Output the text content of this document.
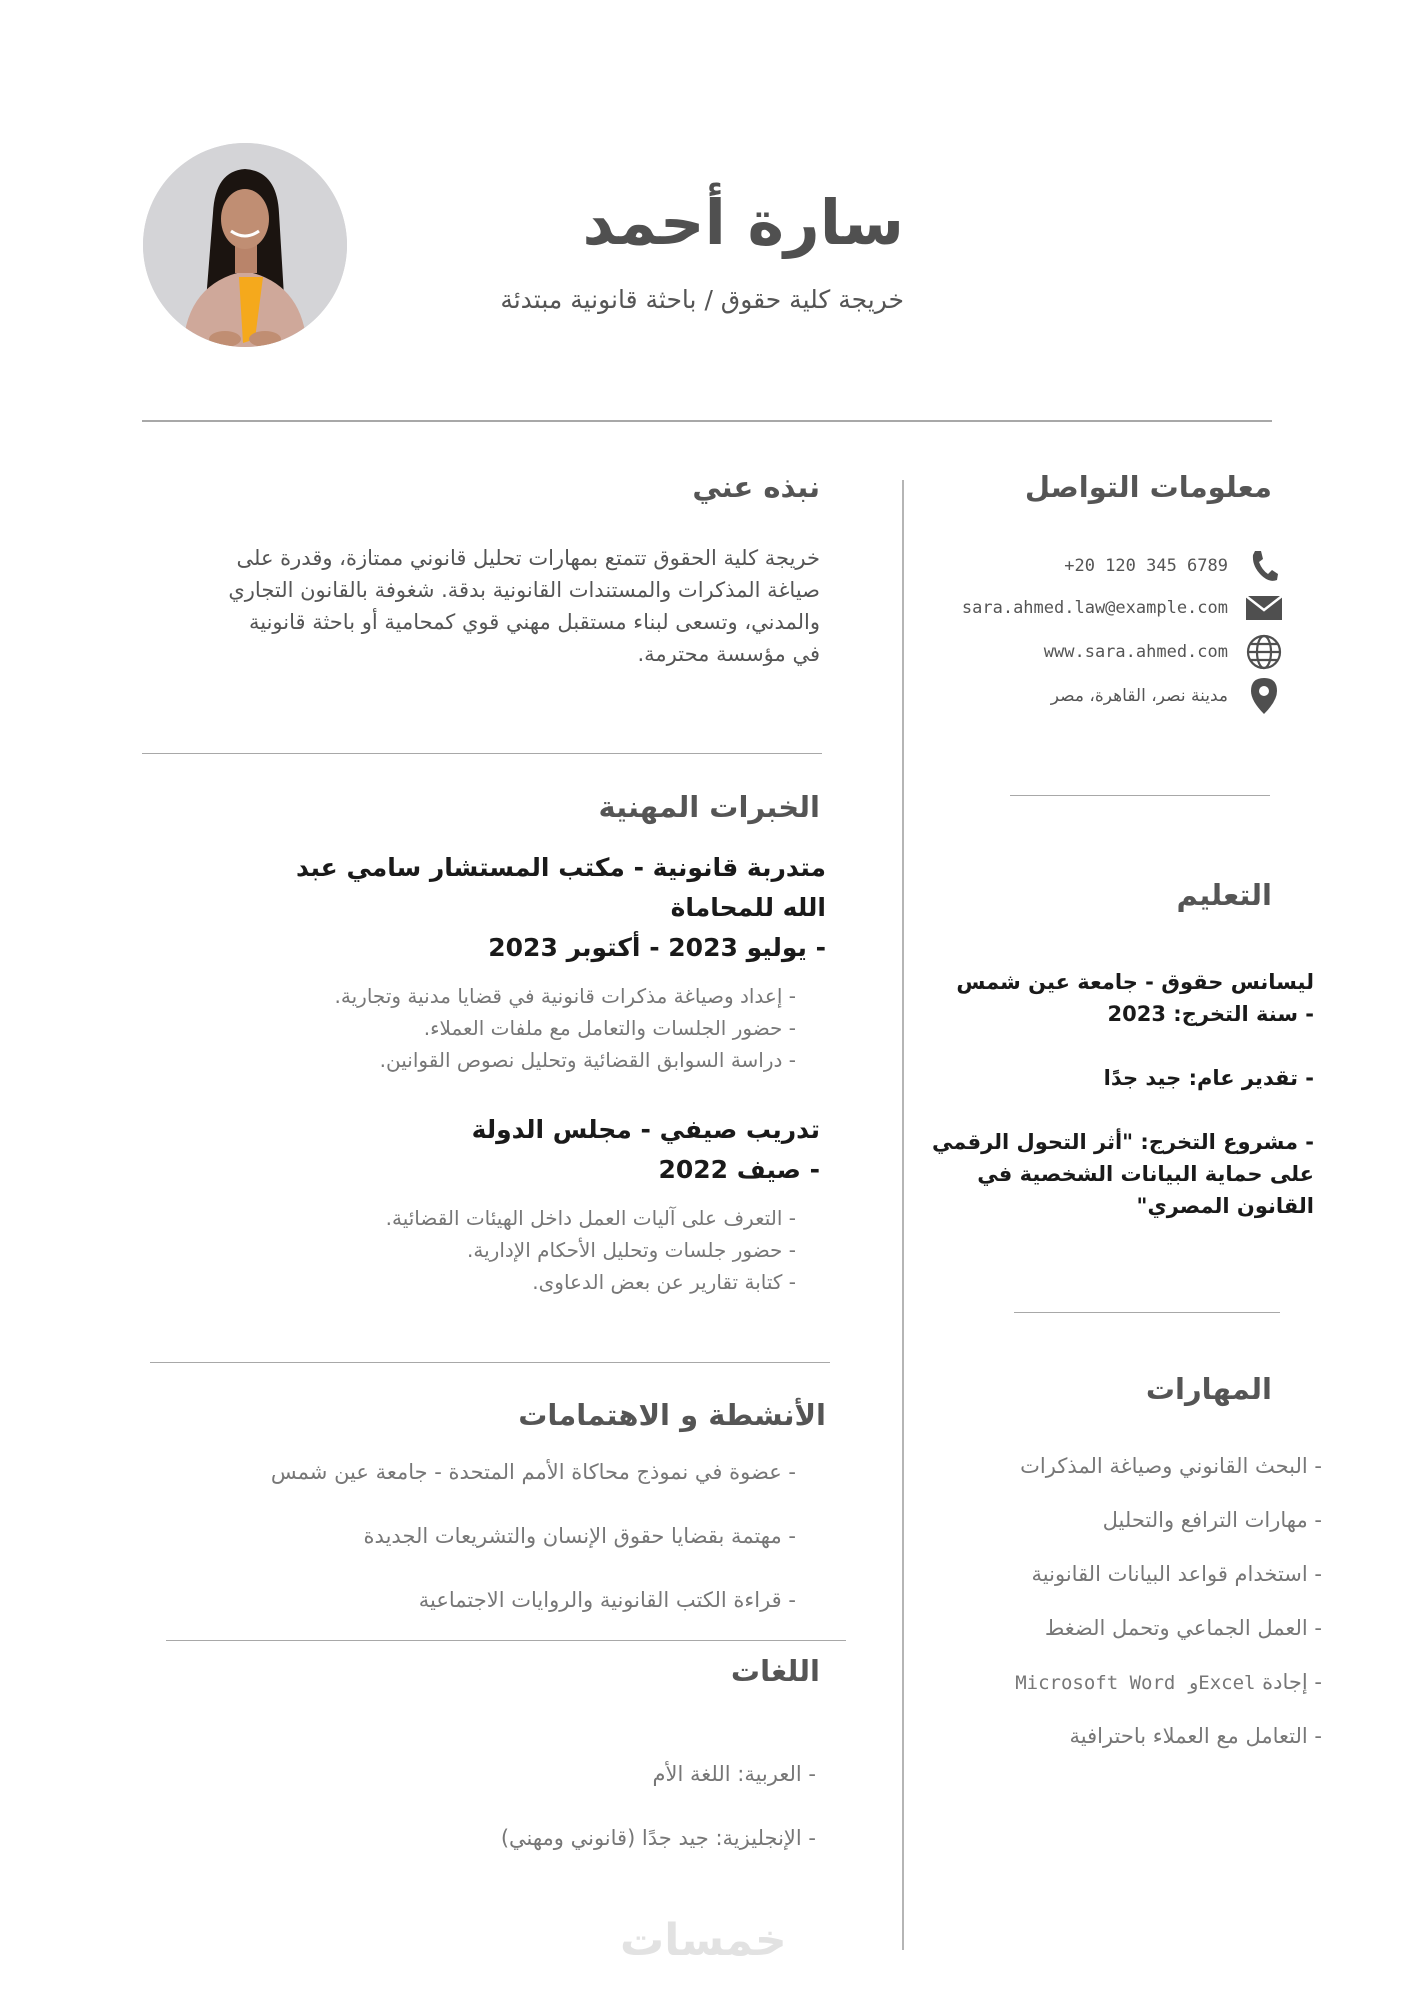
سارة أحمد
خريجة كلية حقوق / باحثة قانونية مبتدئة
معلومات التواصل
+20 120 345 6789
sara.ahmed.law@example.com
www.sara.ahmed.com
مدينة نصر، القاهرة، مصر
التعليم
ليسانس حقوق - جامعة عين شمس
- سنة التخرج: 2023
- تقدير عام: جيد جدًا
- مشروع التخرج: "أثر التحول الرقمي
على حماية البيانات الشخصية في
القانون المصري"
المهارات
- البحث القانوني وصياغة المذكرات
- مهارات الترافع والتحليل
- استخدام قواعد البيانات القانونية
- العمل الجماعي وتحمل الضغط
- إجادة Microsoft Word وExcel
- التعامل مع العملاء باحترافية
نبذه عني
خريجة كلية الحقوق تتمتع بمهارات تحليل قانوني ممتازة، وقدرة على
صياغة المذكرات والمستندات القانونية بدقة. شغوفة بالقانون التجاري
والمدني، وتسعى لبناء مستقبل مهني قوي كمحامية أو باحثة قانونية
في مؤسسة محترمة.
الخبرات المهنية
متدربة قانونية - مكتب المستشار سامي عبد
الله للمحاماة
- يوليو 2023 - أكتوبر 2023
- إعداد وصياغة مذكرات قانونية في قضايا مدنية وتجارية.
- حضور الجلسات والتعامل مع ملفات العملاء.
- دراسة السوابق القضائية وتحليل نصوص القوانين.
تدريب صيفي - مجلس الدولة
- صيف 2022
- التعرف على آليات العمل داخل الهيئات القضائية.
- حضور جلسات وتحليل الأحكام الإدارية.
- كتابة تقارير عن بعض الدعاوى.
الأنشطة و الاهتمامات
- عضوة في نموذج محاكاة الأمم المتحدة - جامعة عين شمس
- مهتمة بقضايا حقوق الإنسان والتشريعات الجديدة
- قراءة الكتب القانونية والروايات الاجتماعية
اللغات
- العربية: اللغة الأم
- الإنجليزية: جيد جدًا (قانوني ومهني)
خمسات
